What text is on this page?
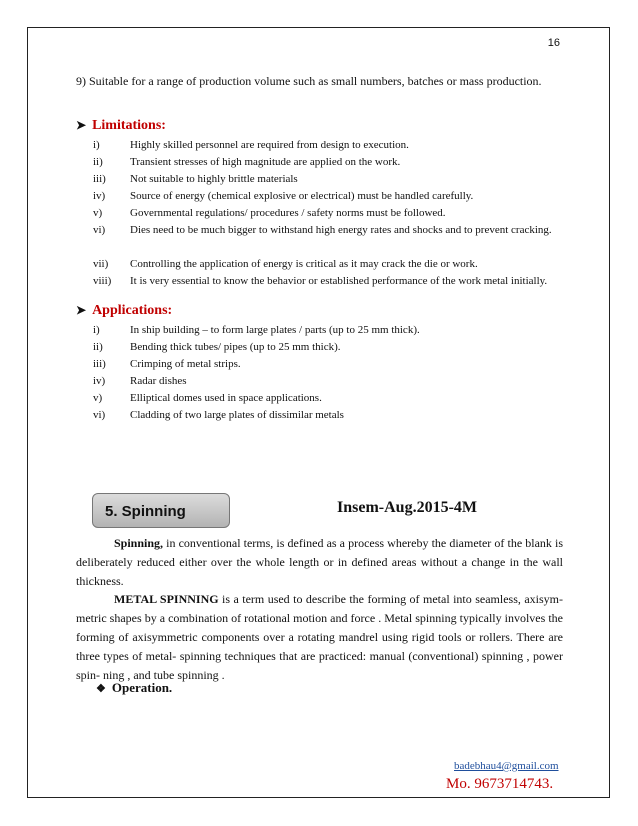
16
9) Suitable for a range of production volume such as small numbers, batches or mass production.
➤ Limitations:
i)	Highly skilled personnel are required from design to execution.
ii)	Transient stresses of high magnitude are applied on the work.
iii)	Not suitable to highly brittle materials
iv)	Source of energy (chemical explosive or electrical) must be handled carefully.
v)	Governmental regulations/ procedures / safety norms must be followed.
vi)	Dies need to be much bigger to withstand high energy rates and shocks and to prevent cracking.
vii)	Controlling the application of energy is critical as it may crack the die or work.
viii)	It is very essential to know the behavior or established performance of the work metal initially.
➤ Applications:
i)	In ship building – to form large plates / parts (up to 25 mm thick).
ii)	Bending thick tubes/ pipes (up to 25 mm thick).
iii)	Crimping of metal strips.
iv)	Radar dishes
v)	Elliptical domes used in space applications.
vi)	Cladding of two large plates of dissimilar metals
5. Spinning	Insem-Aug.2015-4M
Spinning, in conventional terms, is defined as a process whereby the diameter of the blank is deliberately reduced either over the whole length or in defined areas without a change in the wall thickness.
METAL SPINNING is a term used to describe the forming of metal into seamless, axisym- metric shapes by a combination of rotational motion and force . Metal spinning typically involves the forming of axisymmetric components over a rotating mandrel using rigid tools or rollers. There are three types of metal- spinning techniques that are practiced: manual (conventional) spinning , power spin- ning , and tube spinning .
❖ Operation.
badebhau4@gmail.com
Mo. 9673714743.
